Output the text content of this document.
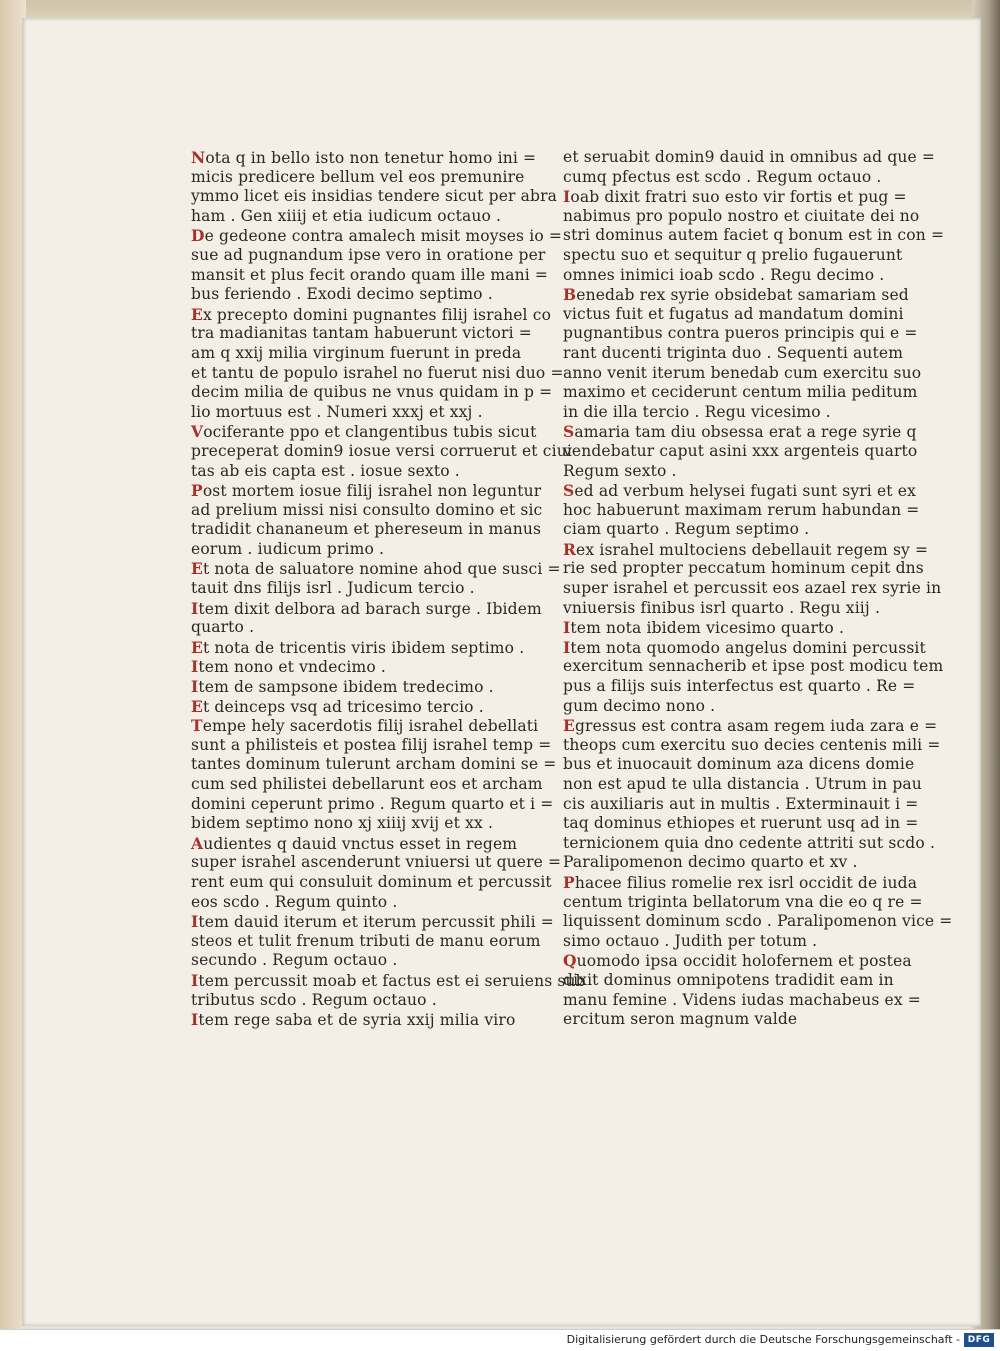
Nota q in bello isto non tenetur homo ini =
micis predicere bellum vel eos premunire
ymmo licet eis insidias tendere sicut per abra
ham . Gen xiiij et etia iudicum octauo .
De gedeone contra amalech misit moyses io =
sue ad pugnandum ipse vero in oratione per
mansit et plus fecit orando quam ille mani =
bus feriendo . Exodi decimo septimo .
Ex precepto domini pugnantes filij israhel co
tra madianitas tantam habuerunt victori =
am q xxij milia virginum fuerunt in preda
et tantu de populo israhel no fuerut nisi duo =
decim milia de quibus ne vnus quidam in p =
lio mortuus est . Numeri xxxj et xxj .
Vociferante ppo et clangentibus tubis sicut
preceperat domin9 iosue versi corruerut et ciui
tas ab eis capta est . iosue sexto .
Post mortem iosue filij israhel non leguntur
ad prelium missi nisi consulto domino et sic
tradidit chananeum et phereseum in manus
eorum . iudicum primo .
Et nota de saluatore nomine ahod que susci =
tauit dns filijs isrl . Judicum tercio .
Item dixit delbora ad barach surge . Ibidem
quarto .
Et nota de tricentis viris ibidem septimo .
Item nono et vndecimo .
Item de sampsone ibidem tredecimo .
Et deinceps vsq ad tricesimo tercio .
Tempe hely sacerdotis filij israhel debellati
sunt a philisteis et postea filij israhel temp =
tantes dominum tulerunt archam domini se =
cum sed philistei debellarunt eos et archam
domini ceperunt primo . Regum quarto et i =
bidem septimo nono xj xiiij xvij et xx .
Audientes q dauid vnctus esset in regem
super israhel ascenderunt vniuersi ut quere =
rent eum qui consuluit dominum et percussit
eos scdo . Regum quinto .
Item dauid iterum et iterum percussit phili =
steos et tulit frenum tributi de manu eorum
secundo . Regum octauo .
Item percussit moab et factus est ei seruiens sub
tributus scdo . Regum octauo .
Item rege saba et de syria xxij milia viro
et seruabit domin9 dauid in omnibus ad que =
cumq pfectus est scdo . Regum octauo .
Ioab dixit fratri suo esto vir fortis et pug =
nabimus pro populo nostro et ciuitate dei no
stri dominus autem faciet q bonum est in con =
spectu suo et sequitur q prelio fugauerunt
omnes inimici ioab scdo . Regu decimo .
Benedab rex syrie obsidebat samariam sed
victus fuit et fugatus ad mandatum domini
pugnantibus contra pueros principis qui e =
rant ducenti triginta duo . Sequenti autem
anno venit iterum benedab cum exercitu suo
maximo et ceciderunt centum milia peditum
in die illa tercio . Regu vicesimo .
Samaria tam diu obsessa erat a rege syrie q
vendebatur caput asini xxx argenteis quarto
Regum sexto .
Sed ad verbum helysei fugati sunt syri et ex
hoc habuerunt maximam rerum habundan =
ciam quarto . Regum septimo .
Rex israhel multociens debellauit regem sy =
rie sed propter peccatum hominum cepit dns
super israhel et percussit eos azael rex syrie in
vniuersis finibus isrl quarto . Regu xiij .
Item nota ibidem vicesimo quarto .
Item nota quomodo angelus domini percussit
exercitum sennacherib et ipse post modicu tem
pus a filijs suis interfectus est quarto . Re =
gum decimo nono .
Egressus est contra asam regem iuda zara e =
theops cum exercitu suo decies centenis mili =
bus et inuocauit dominum aza dicens domie
non est apud te ulla distancia . Utrum in pau
cis auxiliaris aut in multis . Exterminauit i =
taq dominus ethiopes et ruerunt usq ad in =
ternicionem quia dno cedente attriti sut scdo .
Paralipomenon decimo quarto et xv .
Phacee filius romelie rex isrl occidit de iuda
centum triginta bellatorum vna die eo q re =
liquissent dominum scdo . Paralipomenon vice =
simo octauo . Judith per totum .
Quomodo ipsa occidit holofernem et postea
dixit dominus omnipotens tradidit eam in
manu femine . Videns iudas machabeus ex =
ercitum seron magnum valde
Digitalisierung gefördert durch die Deutsche Forschungsgemeinschaft - DFG
